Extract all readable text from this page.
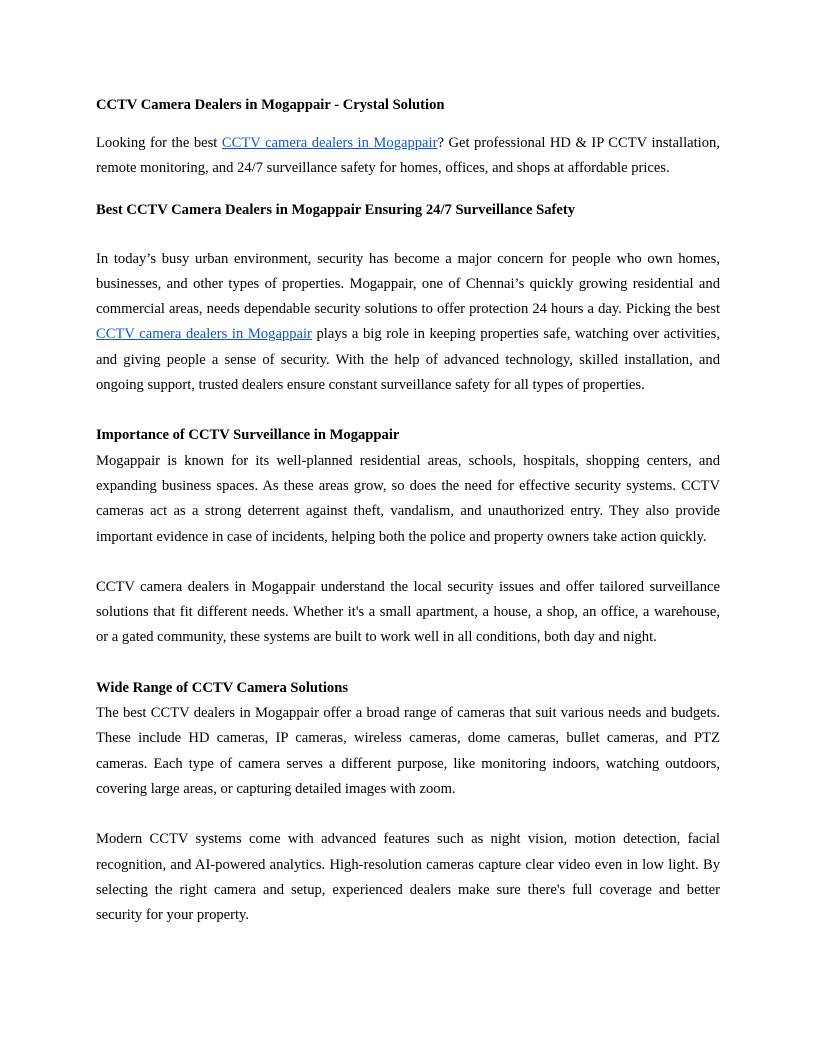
CCTV Camera Dealers in Mogappair - Crystal Solution

Looking for the best CCTV camera dealers in Mogappair? Get professional HD & IP CCTV installation, remote monitoring, and 24/7 surveillance safety for homes, offices, and shops at affordable prices.

Best CCTV Camera Dealers in Mogappair Ensuring 24/7 Surveillance Safety

In today’s busy urban environment, security has become a major concern for people who own homes, businesses, and other types of properties. Mogappair, one of Chennai’s quickly growing residential and commercial areas, needs dependable security solutions to offer protection 24 hours a day. Picking the best CCTV camera dealers in Mogappair plays a big role in keeping properties safe, watching over activities, and giving people a sense of security. With the help of advanced technology, skilled installation, and ongoing support, trusted dealers ensure constant surveillance safety for all types of properties.

Importance of CCTV Surveillance in Mogappair

Mogappair is known for its well-planned residential areas, schools, hospitals, shopping centers, and expanding business spaces. As these areas grow, so does the need for effective security systems. CCTV cameras act as a strong deterrent against theft, vandalism, and unauthorized entry. They also provide important evidence in case of incidents, helping both the police and property owners take action quickly.

CCTV camera dealers in Mogappair understand the local security issues and offer tailored surveillance solutions that fit different needs. Whether it's a small apartment, a house, a shop, an office, a warehouse, or a gated community, these systems are built to work well in all conditions, both day and night.

Wide Range of CCTV Camera Solutions

The best CCTV dealers in Mogappair offer a broad range of cameras that suit various needs and budgets. These include HD cameras, IP cameras, wireless cameras, dome cameras, bullet cameras, and PTZ cameras. Each type of camera serves a different purpose, like monitoring indoors, watching outdoors, covering large areas, or capturing detailed images with zoom.

Modern CCTV systems come with advanced features such as night vision, motion detection, facial recognition, and AI-powered analytics. High-resolution cameras capture clear video even in low light. By selecting the right camera and setup, experienced dealers make sure there's full coverage and better security for your property.
